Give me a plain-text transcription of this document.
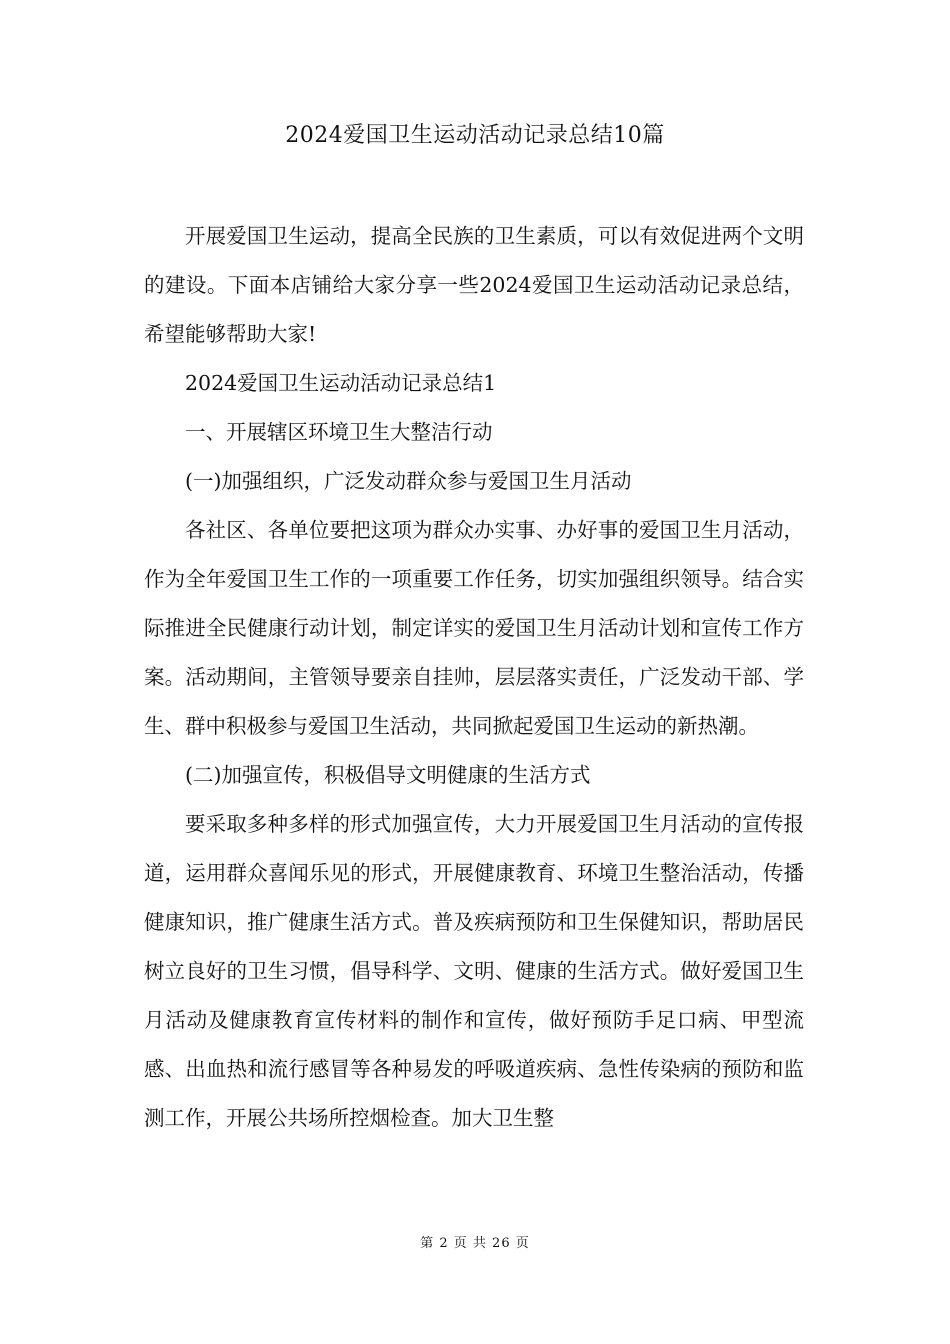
2024爱国卫生运动活动记录总结10篇

开展爱国卫生运动，提高全民族的卫生素质，可以有效促进两个文明的建设。下面本店铺给大家分享一些2024爱国卫生运动活动记录总结，希望能够帮助大家!

2024爱国卫生运动活动记录总结1

一、开展辖区环境卫生大整洁行动

(一)加强组织，广泛发动群众参与爱国卫生月活动

各社区、各单位要把这项为群众办实事、办好事的爱国卫生月活动，作为全年爱国卫生工作的一项重要工作任务，切实加强组织领导。结合实际推进全民健康行动计划，制定详实的爱国卫生月活动计划和宣传工作方案。活动期间，主管领导要亲自挂帅，层层落实责任，广泛发动干部、学生、群中积极参与爱国卫生活动，共同掀起爱国卫生运动的新热潮。

(二)加强宣传，积极倡导文明健康的生活方式

要采取多种多样的形式加强宣传，大力开展爱国卫生月活动的宣传报道，运用群众喜闻乐见的形式，开展健康教育、环境卫生整治活动，传播健康知识，推广健康生活方式。普及疾病预防和卫生保健知识，帮助居民树立良好的卫生习惯，倡导科学、文明、健康的生活方式。做好爱国卫生月活动及健康教育宣传材料的制作和宣传，做好预防手足口病、甲型流感、出血热和流行感冒等各种易发的呼吸道疾病、急性传染病的预防和监测工作，开展公共场所控烟检查。加大卫生整

第 2 页 共 26 页
